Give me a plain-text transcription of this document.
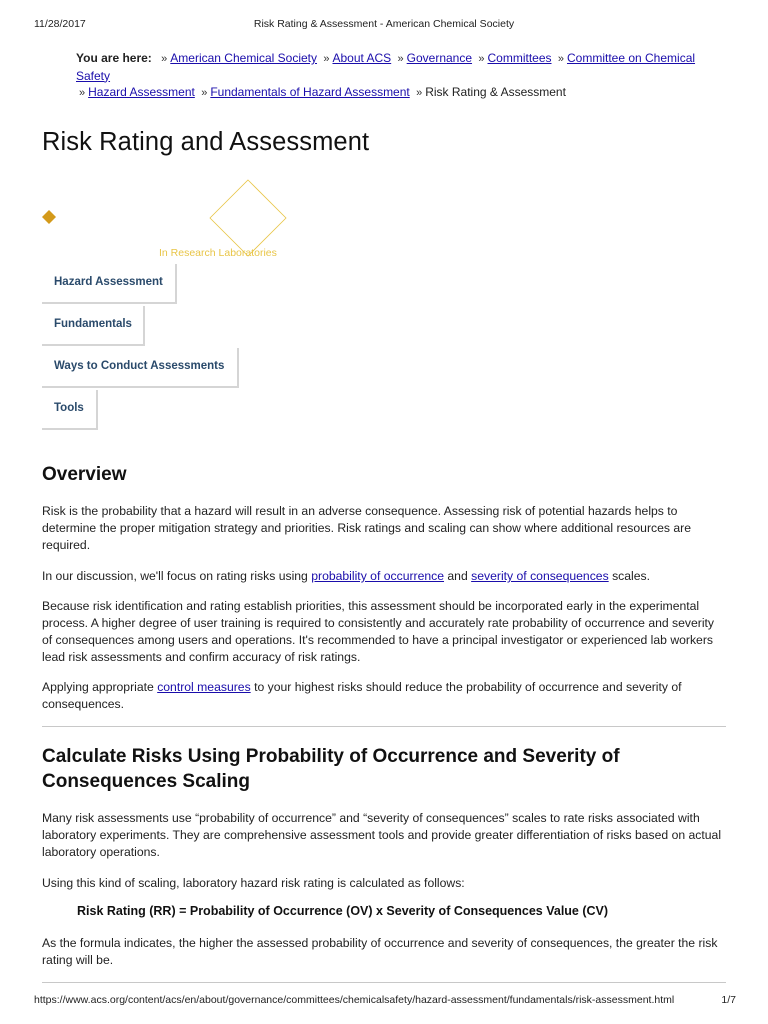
11/28/2017	Risk Rating & Assessment - American Chemical Society
You are here: » American Chemical Society » About ACS » Governance » Committees » Committee on Chemical Safety
» Hazard Assessment » Fundamentals of Hazard Assessment » Risk Rating & Assessment
Risk Rating and Assessment
In Research Laboratories
Hazard Assessment
Fundamentals
Ways to Conduct Assessments
Tools
Overview

Risk is the probability that a hazard will result in an adverse consequence. Assessing risk of potential hazards helps to determine the proper mitigation strategy and priorities. Risk ratings and scaling can show where additional resources are required.

In our discussion, we'll focus on rating risks using probability of occurrence and severity of consequences scales.

Because risk identification and rating establish priorities, this assessment should be incorporated early in the experimental process. A higher degree of user training is required to consistently and accurately rate probability of occurrence and severity of consequences among users and operations. It's recommended to have a principal investigator or experienced lab workers lead risk assessments and confirm accuracy of risk ratings.

Applying appropriate control measures to your highest risks should reduce the probability of occurrence and severity of consequences.

Calculate Risks Using Probability of Occurrence and Severity of Consequences Scaling

Many risk assessments use “probability of occurrence” and “severity of consequences” scales to rate risks associated with laboratory experiments. They are comprehensive assessment tools and provide greater differentiation of risks based on actual laboratory operations.

Using this kind of scaling, laboratory hazard risk rating is calculated as follows:

Risk Rating (RR) = Probability of Occurrence (OV) x Severity of Consequences Value (CV)

As the formula indicates, the higher the assessed probability of occurrence and severity of consequences, the greater the risk rating will be.

https://www.acs.org/content/acs/en/about/governance/committees/chemicalsafety/hazard-assessment/fundamentals/risk-assessment.html	1/7
